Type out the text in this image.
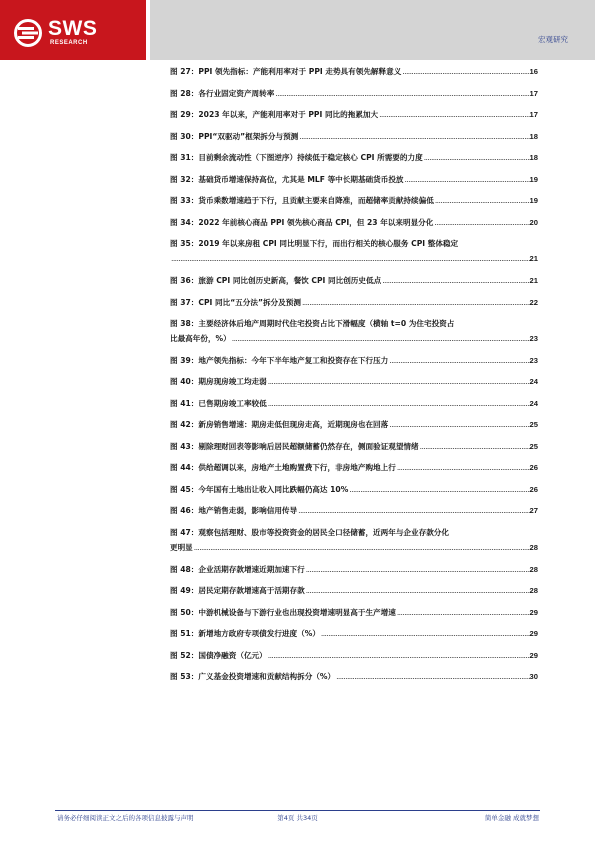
SWS
RESEARCH	宏观研究
图 27：PPI 领先指标：产能利用率对于 PPI 走势具有领先解释意义 .....	16
图 28：各行业固定资产周转率 .....	17
图 29：2023 年以来，产能利用率对于 PPI 同比的拖累加大 .....	17
图 30：PPI“双驱动”框架拆分与预测 .....	18
图 31：目前剩余流动性（下图逆序）持续低于稳定核心 CPI 所需要的力度 .....	18
图 32：基础货币增速保持高位，尤其是 MLF 等中长期基础货币投放 .....	19
图 33：货币乘数增速趋于下行，且贡献主要来自降准，而超储率贡献持续偏低 .....	19
图 34：2022 年前核心商品 PPI 领先核心商品 CPI，但 23 年以来明显分化 .....	20
图 35：2019 年以来房租 CPI 同比明显下行，而出行相关的核心服务 CPI 整体稳定
.....
21
图 36：旅游 CPI 同比创历史新高，餐饮 CPI 同比创历史低点 .....	21
图 37：CPI 同比“五分法”拆分及预测 .....	22
图 38：主要经济体后地产周期时代住宅投资占比下滑幅度（横轴 t=0 为住宅投资占
比最高年份，%） .....	23
图 39：地产领先指标：今年下半年地产复工和投资存在下行压力 .....	23
图 40：期房现房竣工均走弱 .....	24
图 41：已售期房竣工率较低 .....	24
图 42：新房销售增速：期房走低但现房走高，近期现房也在回落 .....	25
图 43：剔除理财回表等影响后居民超额储蓄仍然存在，侧面验证观望情绪 .....	25
图 44：供给超调以来，房地产土地购置费下行，非房地产购地上行 .....	26
图 45：今年国有土地出让收入同比跌幅仍高达 10% .....	26
图 46：地产销售走弱，影响信用传导 .....	27
图 47：观察包括理财、股市等投资资金的居民全口径储蓄，近两年与企业存款分化
更明显 .....	28
图 48：企业活期存款增速近期加速下行 .....	28
图 49：居民定期存款增速高于活期存款 .....	28
图 50：中游机械设备与下游行业也出现投资增速明显高于生产增速 .....	29
图 51：新增地方政府专项债发行进度（%） .....	29
图 52：国债净融资（亿元） .....	29
图 53：广义基金投资增速和贡献结构拆分（%） .....	30
请务必仔细阅读正文之后的各项信息披露与声明	第4页 共34页	简单金融 成就梦想
